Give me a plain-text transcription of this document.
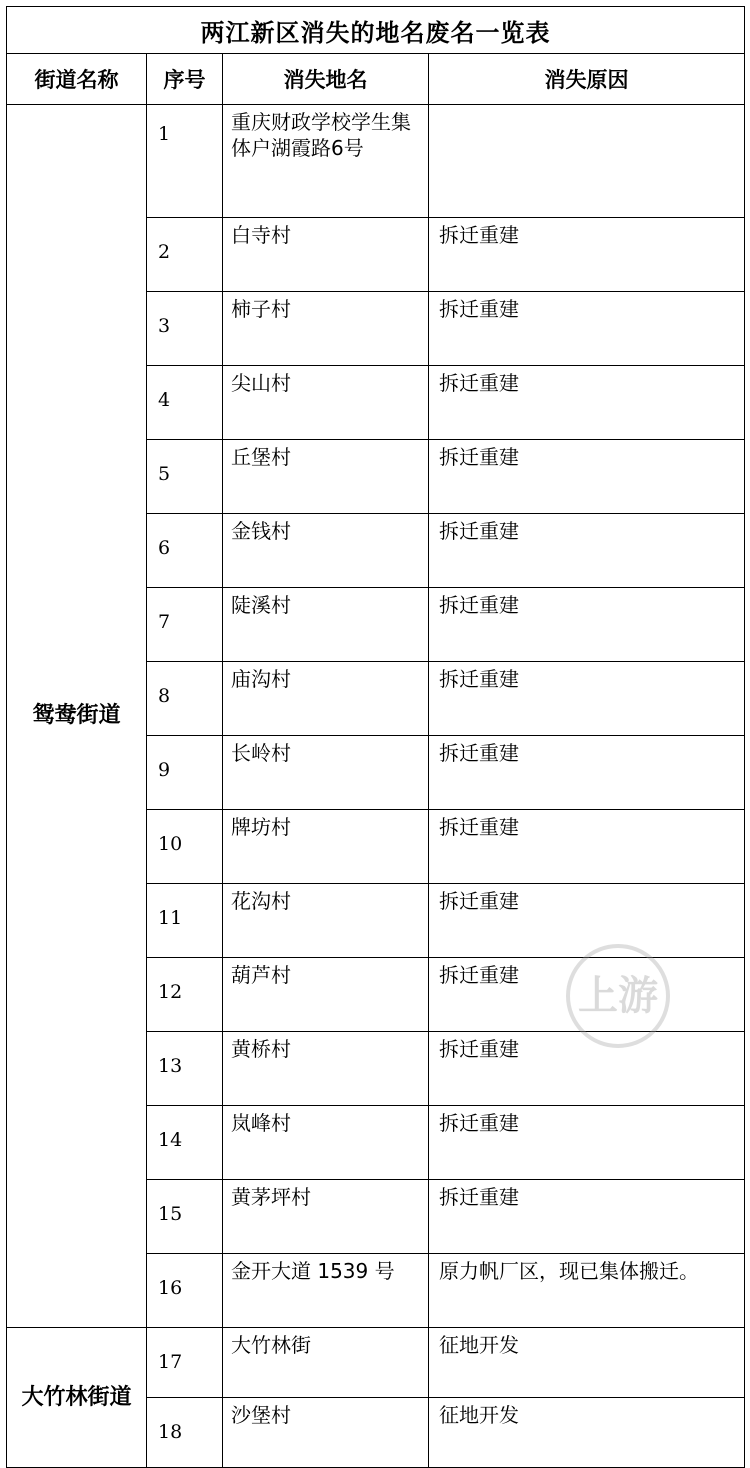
两江新区消失的地名废名一览表			
街道名称	序号	消失地名	消失原因
鸳鸯街道	1	重庆财政学校学生集体户湖霞路6号	
	2	白寺村	拆迁重建
	3	柿子村	拆迁重建
	4	尖山村	拆迁重建
	5	丘堡村	拆迁重建
	6	金钱村	拆迁重建
	7	陡溪村	拆迁重建
	8	庙沟村	拆迁重建
	9	长岭村	拆迁重建
	10	牌坊村	拆迁重建
	11	花沟村	拆迁重建
	12	葫芦村	拆迁重建
	13	黄桥村	拆迁重建
	14	岚峰村	拆迁重建
	15	黄茅坪村	拆迁重建
	16	金开大道 1539 号	原力帆厂区，现已集体搬迁。
大竹林街道	17	大竹林街	征地开发
	18	沙堡村	征地开发
上游
